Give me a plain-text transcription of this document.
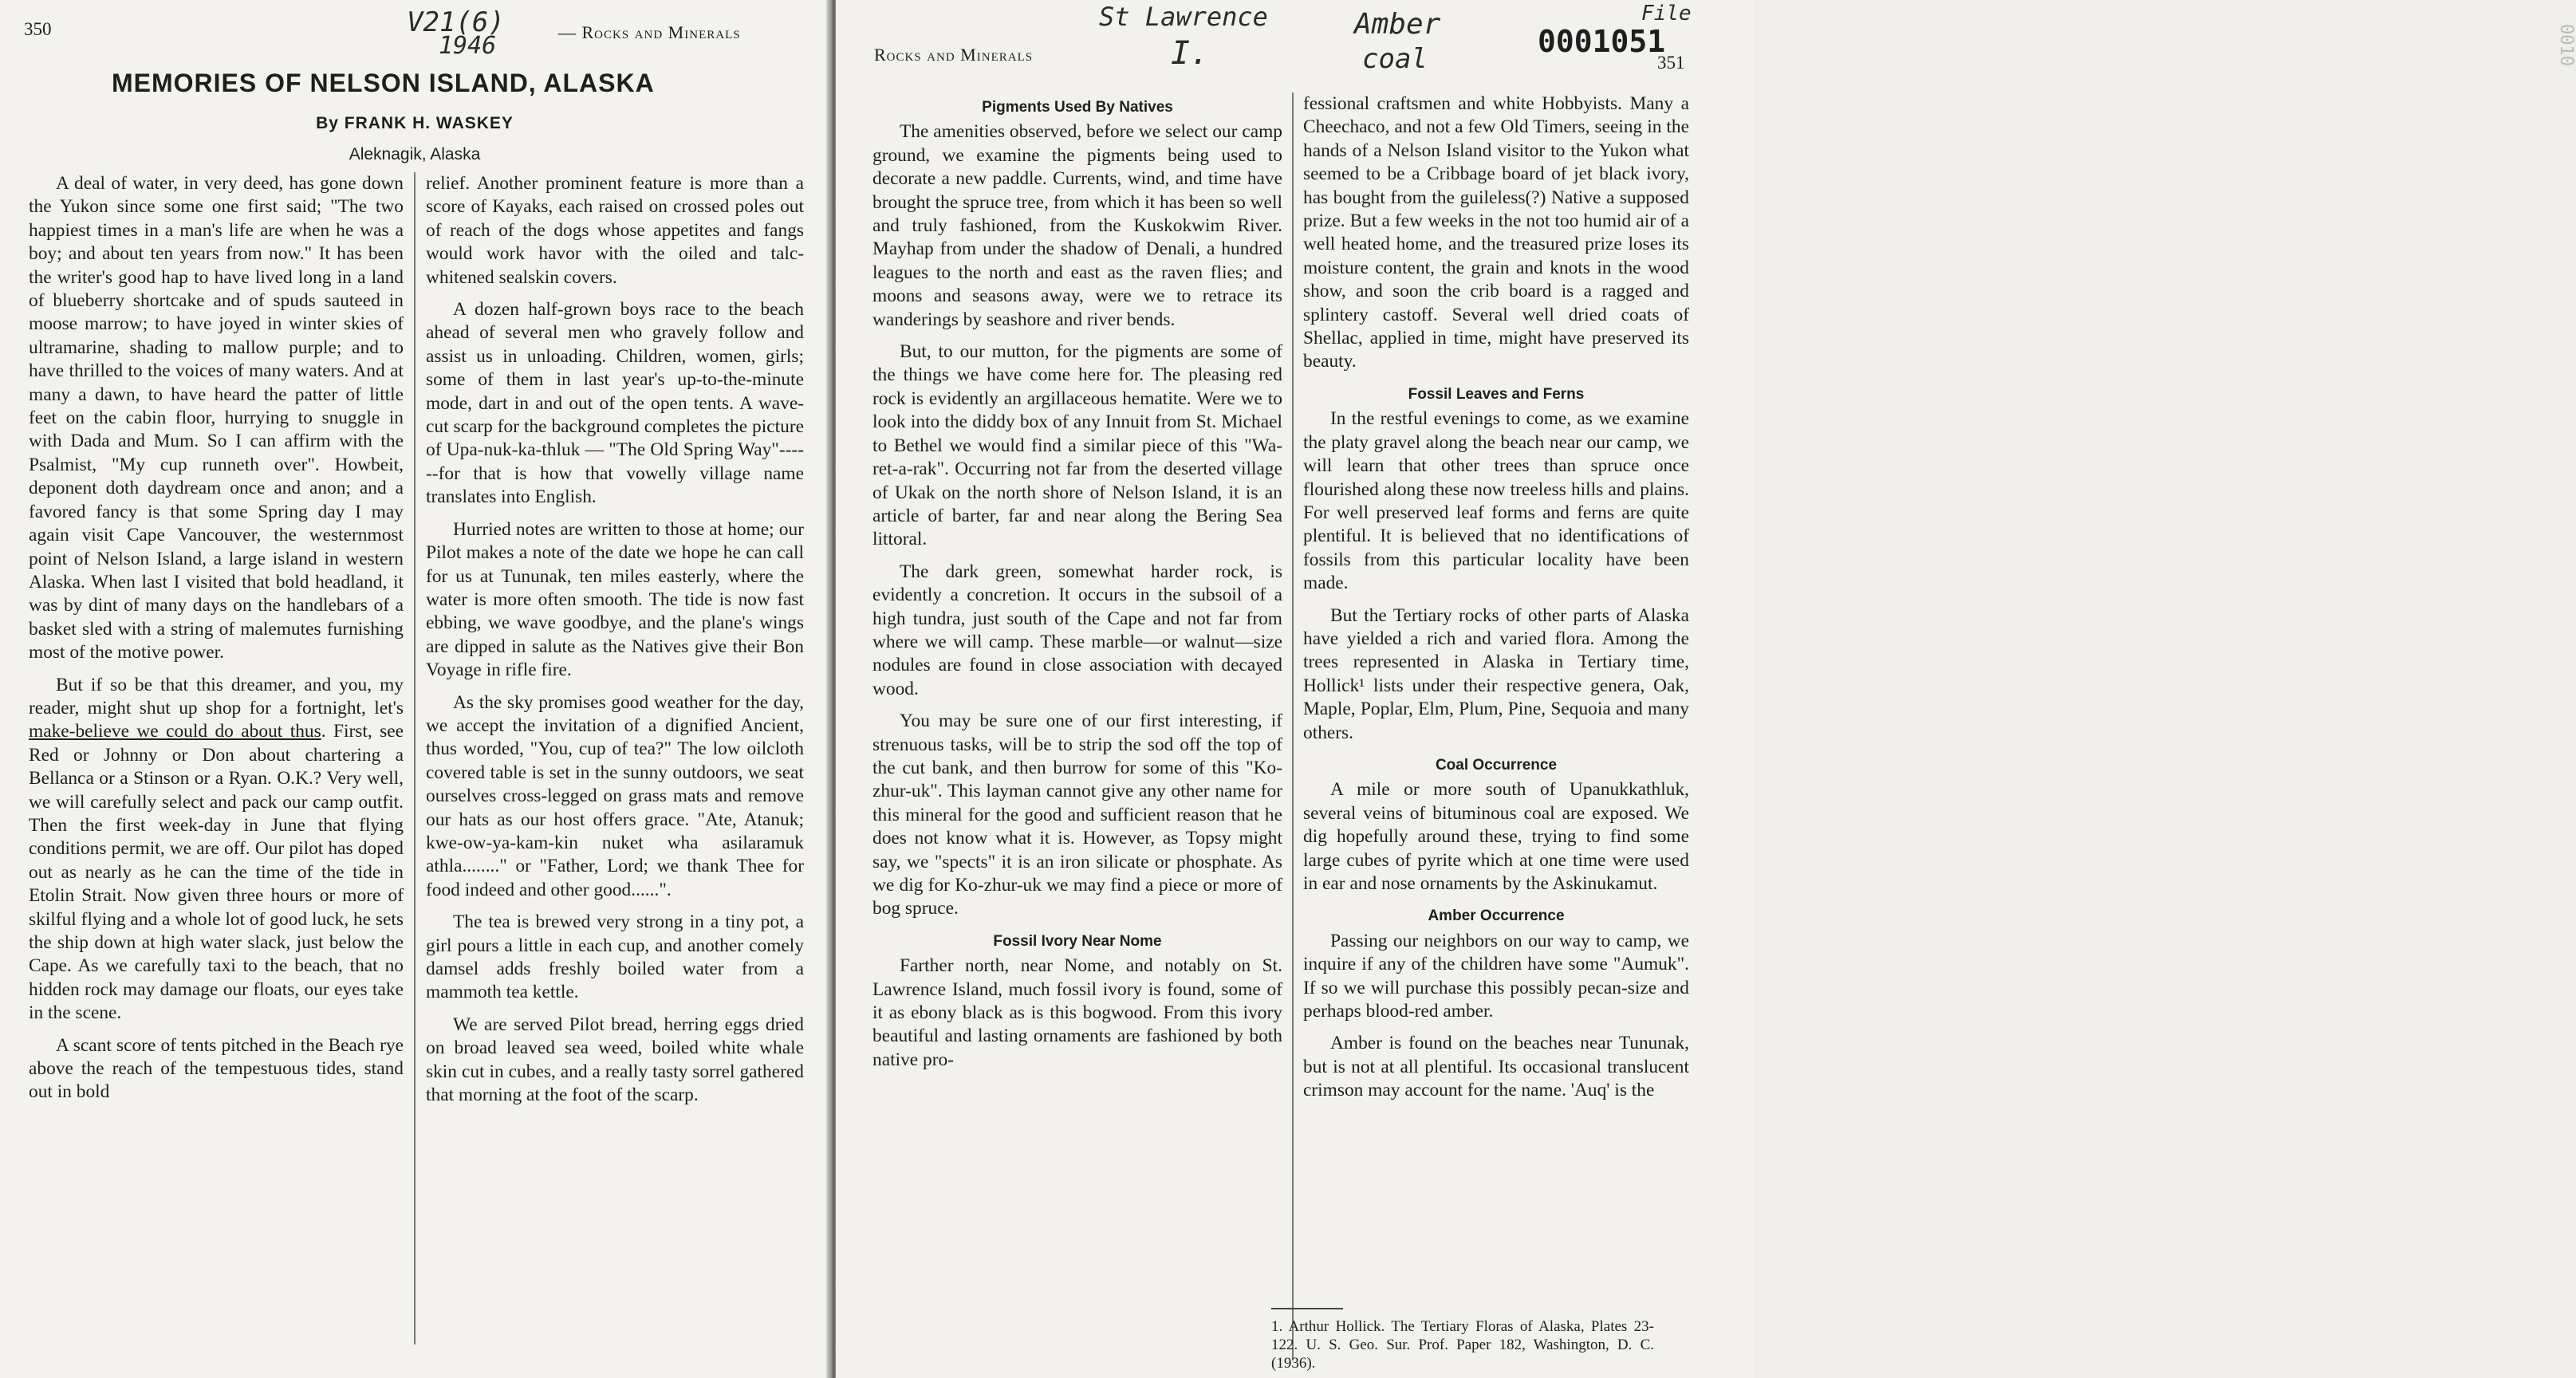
350	— Rocks and Minerals
MEMORIES OF NELSON ISLAND, ALASKA
By FRANK H. WASKEY
Aleknagik, Alaska

A deal of water, in very deed, has gone down the Yukon since some one first said; "The two happiest times in a man's life are when he was a boy; and about ten years from now." It has been the writer's good hap to have lived long in a land of blueberry shortcake and of spuds sauteed in moose marrow; to have joyed in winter skies of ultramarine, shading to mallow purple; and to have thrilled to the voices of many waters. And at many a dawn, to have heard the patter of little feet on the cabin floor, hurrying to snuggle in with Dada and Mum. So I can affirm with the Psalmist, "My cup runneth over". Howbeit, deponent doth daydream once and anon; and a favored fancy is that some Spring day I may again visit Cape Vancouver, the westernmost point of Nelson Island, a large island in western Alaska. When last I visited that bold headland, it was by dint of many days on the handlebars of a basket sled with a string of malemutes furnishing most of the motive power.

But if so be that this dreamer, and you, my reader, might shut up shop for a fortnight, let's make-believe we could do about thus. First, see Red or Johnny or Don about chartering a Bellanca or a Stinson or a Ryan. O.K.? Very well, we will carefully select and pack our camp outfit. Then the first week-day in June that flying conditions permit, we are off. Our pilot has doped out as nearly as he can the time of the tide in Etolin Strait. Now given three hours or more of skilful flying and a whole lot of good luck, he sets the ship down at high water slack, just below the Cape. As we carefully taxi to the beach, that no hidden rock may damage our floats, our eyes take in the scene.

A scant score of tents pitched in the Beach rye above the reach of the tempestuous tides, stand out in bold

relief. Another prominent feature is more than a score of Kayaks, each raised on crossed poles out of reach of the dogs whose appetites and fangs would work havor with the oiled and talc-whitened sealskin covers.

A dozen half-grown boys race to the beach ahead of several men who gravely follow and assist us in unloading. Children, women, girls; some of them in last year's up-to-the-minute mode, dart in and out of the open tents. A wave-cut scarp for the background completes the picture of Upa-nuk-ka-thluk — "The Old Spring Way"------for that is how that vowelly village name translates into English.

Hurried notes are written to those at home; our Pilot makes a note of the date we hope he can call for us at Tununak, ten miles easterly, where the water is more often smooth. The tide is now fast ebbing, we wave goodbye, and the plane's wings are dipped in salute as the Natives give their Bon Voyage in rifle fire.

As the sky promises good weather for the day, we accept the invitation of a dignified Ancient, thus worded, "You, cup of tea?" The low oilcloth covered table is set in the sunny outdoors, we seat ourselves cross-legged on grass mats and remove our hats as our host offers grace. "Ate, Atanuk; kwe-ow-ya-kam-kin nuket wha asilaramuk athla........" or "Father, Lord; we thank Thee for food indeed and other good......".

The tea is brewed very strong in a tiny pot, a girl pours a little in each cup, and another comely damsel adds freshly boiled water from a mammoth tea kettle.

We are served Pilot bread, herring eggs dried on broad leaved sea weed, boiled white whale skin cut in cubes, and a really tasty sorrel gathered that morning at the foot of the scarp.

V21(6)
1946	Rocks and Minerals	351
Pigments Used By Natives

The amenities observed, before we select our camp ground, we examine the pigments being used to decorate a new paddle. Currents, wind, and time have brought the spruce tree, from which it has been so well and truly fashioned, from the Kuskokwim River. Mayhap from under the shadow of Denali, a hundred leagues to the north and east as the raven flies; and moons and seasons away, were we to retrace its wanderings by seashore and river bends.

But, to our mutton, for the pigments are some of the things we have come here for. The pleasing red rock is evidently an argillaceous hematite. Were we to look into the diddy box of any Innuit from St. Michael to Bethel we would find a similar piece of this "Wa-ret-a-rak". Occurring not far from the deserted village of Ukak on the north shore of Nelson Island, it is an article of barter, far and near along the Bering Sea littoral.

The dark green, somewhat harder rock, is evidently a concretion. It occurs in the subsoil of a high tundra, just south of the Cape and not far from where we will camp. These marble—or walnut—size nodules are found in close association with decayed wood.

You may be sure one of our first interesting, if strenuous tasks, will be to strip the sod off the top of the cut bank, and then burrow for some of this "Ko-zhur-uk". This layman cannot give any other name for this mineral for the good and sufficient reason that he does not know what it is. However, as Topsy might say, we "spects" it is an iron silicate or phosphate. As we dig for Ko-zhur-uk we may find a piece or more of bog spruce.

Fossil Ivory Near Nome

Farther north, near Nome, and notably on St. Lawrence Island, much fossil ivory is found, some of it as ebony black as is this bogwood. From this ivory beautiful and lasting ornaments are fashioned by both native pro-

fessional craftsmen and white Hobbyists. Many a Cheechaco, and not a few Old Timers, seeing in the hands of a Nelson Island visitor to the Yukon what seemed to be a Cribbage board of jet black ivory, has bought from the guileless(?) Native a supposed prize. But a few weeks in the not too humid air of a well heated home, and the treasured prize loses its moisture content, the grain and knots in the wood show, and soon the crib board is a ragged and splintery castoff. Several well dried coats of Shellac, applied in time, might have preserved its beauty.

Fossil Leaves and Ferns

In the restful evenings to come, as we examine the platy gravel along the beach near our camp, we will learn that other trees than spruce once flourished along these now treeless hills and plains. For well preserved leaf forms and ferns are quite plentiful. It is believed that no identifications of fossils from this particular locality have been made.

But the Tertiary rocks of other parts of Alaska have yielded a rich and varied flora. Among the trees represented in Alaska in Tertiary time, Hollick¹ lists under their respective genera, Oak, Maple, Poplar, Elm, Plum, Pine, Sequoia and many others.

Coal Occurrence

A mile or more south of Upanukkathluk, several veins of bituminous coal are exposed. We dig hopefully around these, trying to find some large cubes of pyrite which at one time were used in ear and nose ornaments by the Askinukamut.

Amber Occurrence

Passing our neighbors on our way to camp, we inquire if any of the children have some "Aumuk". If so we will purchase this possibly pecan-size and perhaps blood-red amber.

Amber is found on the beaches near Tununak, but is not at all plentiful. Its occasional translucent crimson may account for the name. 'Auq' is the

St Lawrence
I.
Amber
coal
File
0001051	0010
1. Arthur Hollick. The Tertiary Floras of Alaska, Plates 23-122. U. S. Geo. Sur. Prof. Paper 182, Washington, D. C. (1936).
